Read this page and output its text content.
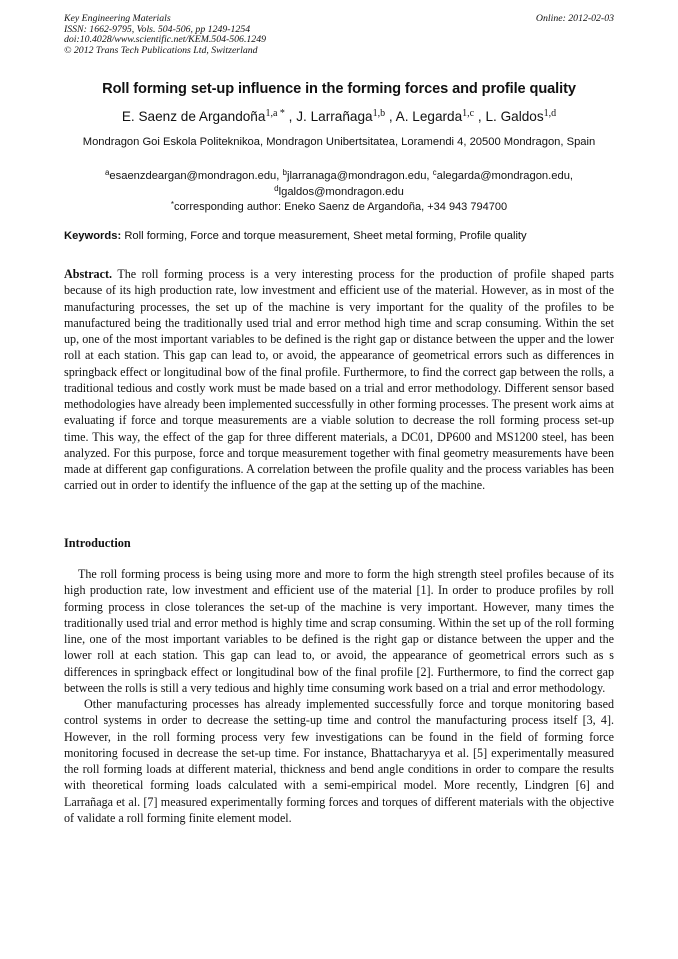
Key Engineering Materials
ISSN: 1662-9795, Vols. 504-506, pp 1249-1254
doi:10.4028/www.scientific.net/KEM.504-506.1249
© 2012 Trans Tech Publications Ltd, Switzerland
Online: 2012-02-03
Roll forming set-up influence in the forming forces and profile quality
E. Saenz de Argandoña$^{1,a *}$ , J. Larrañaga$^{1,b}$ , A. Legarda$^{1,c}$ , L. Galdos$^{1,d}$
Mondragon Goi Eskola Politeknikoa, Mondragon Unibertsitatea, Loramendi 4, 20500 Mondragon, Spain
$^a$esaenzdeargan@mondragon.edu, $^b$jlarranaga@mondragon.edu, $^c$alegarda@mondragon.edu, $^d$lgaldos@mondragon.edu
*corresponding author: Eneko Saenz de Argandoña, +34 943 794700
Keywords: Roll forming, Force and torque measurement, Sheet metal forming, Profile quality
Abstract. The roll forming process is a very interesting process for the production of profile shaped parts because of its high production rate, low investment and efficient use of the material. However, as in most of the manufacturing processes, the set up of the machine is very important for the quality of the profiles to be manufactured being the traditionally used trial and error method high time and scrap consuming. Within the set up, one of the most important variables to be defined is the right gap or distance between the upper and the lower roll at each station. This gap can lead to, or avoid, the appearance of geometrical errors such as differences in springback effect or longitudinal bow of the final profile. Furthermore, to find the correct gap between the rolls, a traditional tedious and costly work must be made based on a trial and error methodology. Different sensor based methodologies have already been implemented successfully in other forming processes. The present work aims at evaluating if force and torque measurements are a viable solution to decrease the roll forming process set-up time. This way, the effect of the gap for three different materials, a DC01, DP600 and MS1200 steel, has been analyzed. For this purpose, force and torque measurement together with final geometry measurements have been made at different gap configurations. A correlation between the profile quality and the process variables has been carried out in order to identify the influence of the gap at the setting up of the machine.
Introduction

The roll forming process is being using more and more to form the high strength steel profiles because of its high production rate, low investment and efficient use of the material [1]. In order to produce profiles by roll forming process in close tolerances the set-up of the machine is very important. However, many times the traditionally used trial and error method is highly time and scrap consuming. Within the set up of the roll forming line, one of the most important variables to be defined is the right gap or distance between the upper and the lower roll at each station. This gap can lead to, or avoid, the appearance of geometrical errors such as s differences in springback effect or longitudinal bow of the final profile [2]. Furthermore, to find the correct gap between the rolls is still a very tedious and highly time consuming work based on a trial and error methodology.

Other manufacturing processes has already implemented successfully force and torque monitoring based control systems in order to decrease the setting-up time and control the manufacturing process itself [3, 4]. However, in the roll forming process very few investigations can be found in the field of forming force monitoring focused in decrease the set-up time. For instance, Bhattacharyya et al. [5] experimentally measured the roll forming loads at different material, thickness and bend angle conditions in order to compare the results with theoretical forming loads calculated with a semi-empirical model. More recently, Lindgren [6] and Larrañaga et al. [7] measured experimentally forming forces and torques of different materials with the objective of validate a roll forming finite element model.
